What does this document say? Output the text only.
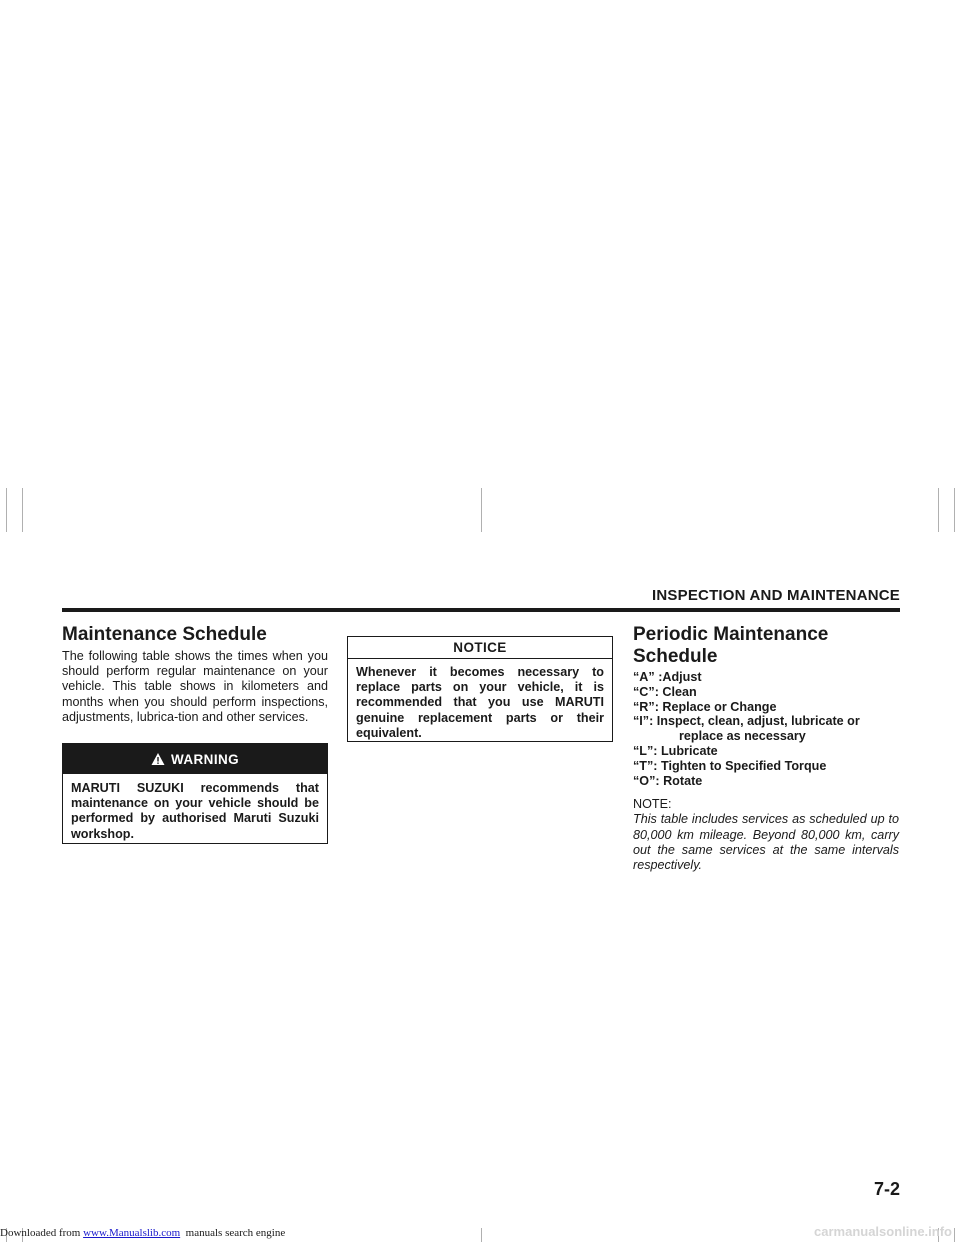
INSPECTION AND MAINTENANCE
Maintenance Schedule

The following table shows the times when you should perform regular maintenance on your vehicle. This table shows in kilometers and months when you should perform inspections, adjustments, lubrica-tion and other services.

WARNING

MARUTI SUZUKI recommends that maintenance on your vehicle should be performed by authorised Maruti Suzuki workshop.

NOTICE

Whenever it becomes necessary to replace parts on your vehicle, it is recommended that you use MARUTI genuine replacement parts or their equivalent.

Periodic Maintenance
Schedule
“A” :Adjust
“C”: Clean
“R”: Replace or Change
“I”: Inspect, clean, adjust, lubricate or
replace as necessary
“L”: Lubricate
“T”: Tighten to Specified Torque
“O”: Rotate
NOTE:

This table includes services as scheduled up to 80,000 km mileage. Beyond 80,000 km, carry out the same services at the same intervals respectively.

7-2
Downloaded from www.Manualslib.com  manuals search engine	carmanualsonline.info
